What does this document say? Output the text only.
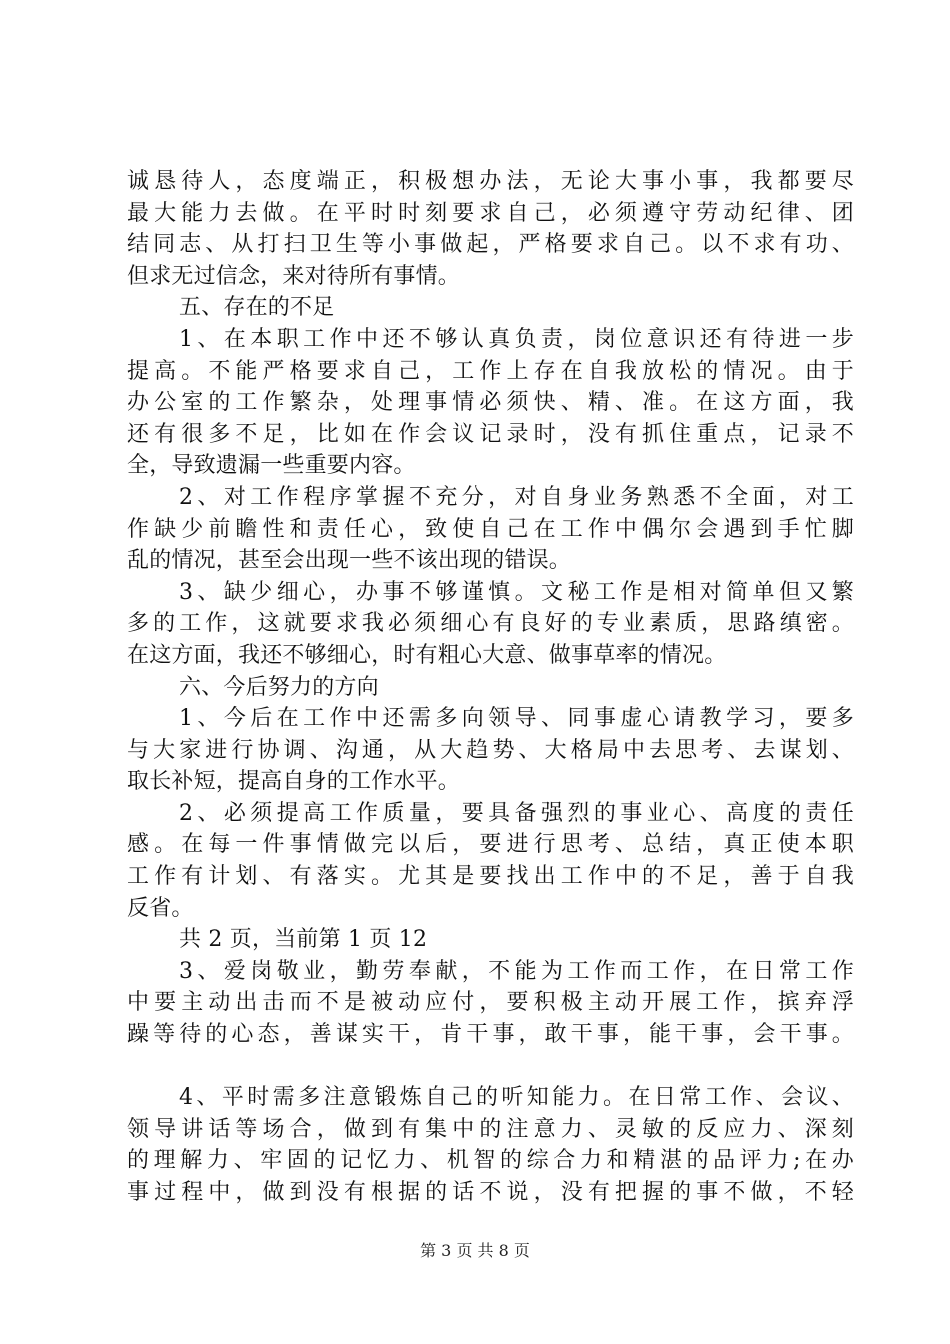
诚恳待人，态度端正，积极想办法，无论大事小事，我都要尽
最大能力去做。在平时时刻要求自己，必须遵守劳动纪律、团
结同志、从打扫卫生等小事做起，严格要求自己。以不求有功、
但求无过信念，来对待所有事情。
五、存在的不足
1、在本职工作中还不够认真负责，岗位意识还有待进一步
提高。不能严格要求自己，工作上存在自我放松的情况。由于
办公室的工作繁杂，处理事情必须快、精、准。在这方面，我
还有很多不足，比如在作会议记录时，没有抓住重点，记录不
全，导致遗漏一些重要内容。
2、对工作程序掌握不充分，对自身业务熟悉不全面，对工
作缺少前瞻性和责任心，致使自己在工作中偶尔会遇到手忙脚
乱的情况，甚至会出现一些不该出现的错误。
3、缺少细心，办事不够谨慎。文秘工作是相对简单但又繁
多的工作，这就要求我必须细心有良好的专业素质，思路缜密。
在这方面，我还不够细心，时有粗心大意、做事草率的情况。
六、今后努力的方向
1、今后在工作中还需多向领导、同事虚心请教学习，要多
与大家进行协调、沟通，从大趋势、大格局中去思考、去谋划、
取长补短，提高自身的工作水平。
2、必须提高工作质量，要具备强烈的事业心、高度的责任
感。在每一件事情做完以后，要进行思考、总结，真正使本职
工作有计划、有落实。尤其是要找出工作中的不足，善于自我
反省。
共 2 页，当前第 1 页 12
3、爱岗敬业，勤劳奉献，不能为工作而工作，在日常工作
中要主动出击而不是被动应付，要积极主动开展工作，摈弃浮
躁等待的心态，善谋实干，肯干事，敢干事，能干事，会干事。
4、平时需多注意锻炼自己的听知能力。在日常工作、会议、
领导讲话等场合，做到有集中的注意力、灵敏的反应力、深刻
的理解力、牢固的记忆力、机智的综合力和精湛的品评力;在办
事过程中，做到没有根据的话不说，没有把握的事不做，不轻
第 3 页 共 8 页
